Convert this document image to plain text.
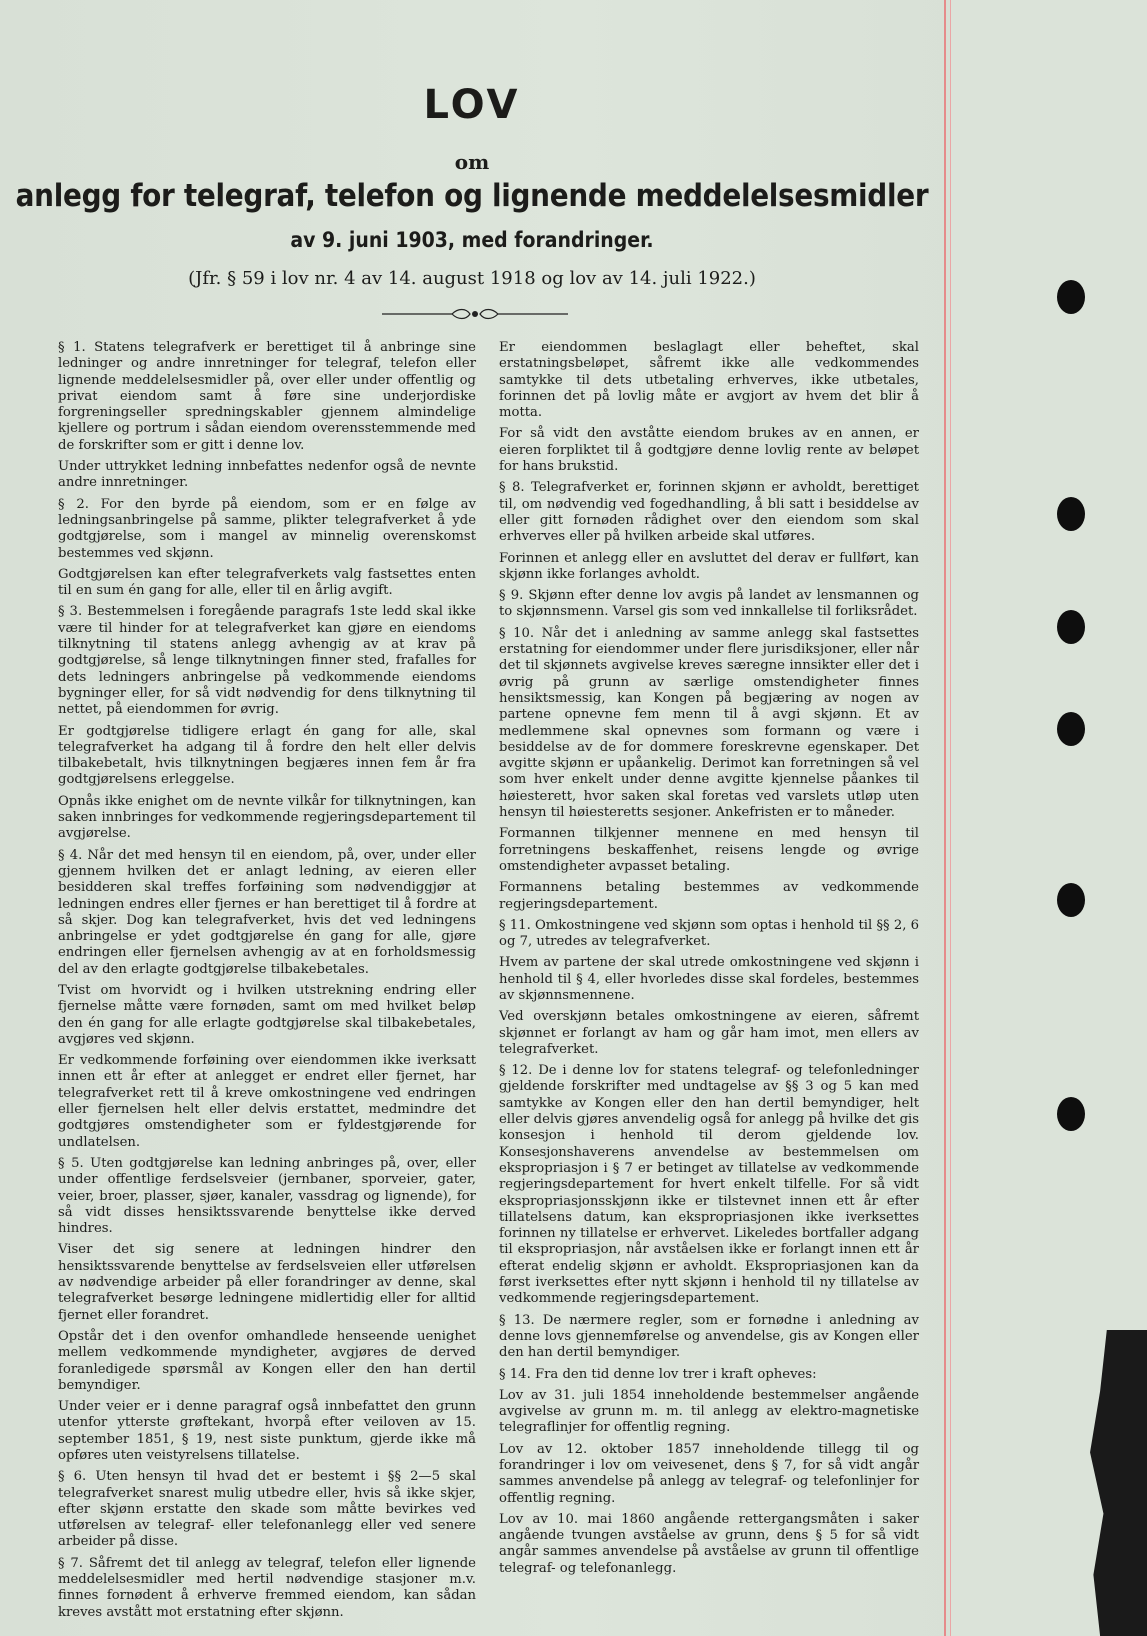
LOV
om
anlegg for telegraf, telefon og lignende meddelelsesmidler
av 9. juni 1903, med forandringer.
(Jfr. § 59 i lov nr. 4 av 14. august 1918 og lov av 14. juli 1922.)

§ 1. Statens telegrafverk er berettiget til å anbringe sine ledninger og andre innretninger for telegraf, telefon eller lignende meddelelsesmidler på, over eller under offentlig og privat eiendom samt å føre sine underjordiske forgreningseller spredningskabler gjennem almindelige kjellere og portrum i sådan eiendom overensstemmende med de forskrifter som er gitt i denne lov.

Under uttrykket ledning innbefattes nedenfor også de nevnte andre innretninger.

§ 2. For den byrde på eiendom, som er en følge av ledningsanbringelse på samme, plikter telegrafverket å yde godtgjørelse, som i mangel av minnelig overenskomst bestemmes ved skjønn.

Godtgjørelsen kan efter telegrafverkets valg fastsettes enten til en sum én gang for alle, eller til en årlig avgift.

§ 3. Bestemmelsen i foregående paragrafs 1ste ledd skal ikke være til hinder for at telegrafverket kan gjøre en eiendoms tilknytning til statens anlegg avhengig av at krav på godtgjørelse, så lenge tilknytningen finner sted, frafalles for dets ledningers anbringelse på vedkommende eiendoms bygninger eller, for så vidt nødvendig for dens tilknytning til nettet, på eiendommen for øvrig.

Er godtgjørelse tidligere erlagt én gang for alle, skal telegrafverket ha adgang til å fordre den helt eller delvis tilbakebetalt, hvis tilknytningen begjæres innen fem år fra godtgjørelsens erleggelse.

Opnås ikke enighet om de nevnte vilkår for tilknytningen, kan saken innbringes for vedkommende regjeringsdepartement til avgjørelse.

§ 4. Når det med hensyn til en eiendom, på, over, under eller gjennem hvilken det er anlagt ledning, av eieren eller besidderen skal treffes forføining som nødvendiggjør at ledningen endres eller fjernes er han berettiget til å fordre at så skjer. Dog kan telegrafverket, hvis det ved ledningens anbringelse er ydet godtgjørelse én gang for alle, gjøre endringen eller fjernelsen avhengig av at en forholdsmessig del av den erlagte godtgjørelse tilbakebetales.

Tvist om hvorvidt og i hvilken utstrekning endring eller fjernelse måtte være fornøden, samt om med hvilket beløp den én gang for alle erlagte godtgjørelse skal tilbakebetales, avgjøres ved skjønn.

Er vedkommende forføining over eiendommen ikke iverksatt innen ett år efter at anlegget er endret eller fjernet, har telegrafverket rett til å kreve omkostningene ved endringen eller fjernelsen helt eller delvis erstattet, medmindre det godtgjøres omstendigheter som er fyldestgjørende for undlatelsen.

§ 5. Uten godtgjørelse kan ledning anbringes på, over, eller under offentlige ferdselsveier (jernbaner, sporveier, gater, veier, broer, plasser, sjøer, kanaler, vassdrag og lignende), for så vidt disses hensiktssvarende benyttelse ikke derved hindres.

Viser det sig senere at ledningen hindrer den hensiktssvarende benyttelse av ferdselsveien eller utførelsen av nødvendige arbeider på eller forandringer av denne, skal telegrafverket besørge ledningene midlertidig eller for alltid fjernet eller forandret.

Opstår det i den ovenfor omhandlede henseende uenighet mellem vedkommende myndigheter, avgjøres de derved foranledigede spørsmål av Kongen eller den han dertil bemyndiger.

Under veier er i denne paragraf også innbefattet den grunn utenfor ytterste grøftekant, hvorpå efter veiloven av 15. september 1851, § 19, nest siste punktum, gjerde ikke må opføres uten veistyrelsens tillatelse.

§ 6. Uten hensyn til hvad det er bestemt i §§ 2—5 skal telegrafverket snarest mulig utbedre eller, hvis så ikke skjer, efter skjønn erstatte den skade som måtte bevirkes ved utførelsen av telegraf- eller telefonanlegg eller ved senere arbeider på disse.

§ 7. Såfremt det til anlegg av telegraf, telefon eller lignende meddelelsesmidler med hertil nødvendige stasjoner m.v. finnes fornødent å erhverve fremmed eiendom, kan sådan kreves avstått mot erstatning efter skjønn.

Er eiendommen beslaglagt eller beheftet, skal erstatningsbeløpet, såfremt ikke alle vedkommendes samtykke til dets utbetaling erhverves, ikke utbetales, forinnen det på lovlig måte er avgjort av hvem det blir å motta.

For så vidt den avståtte eiendom brukes av en annen, er eieren forpliktet til å godtgjøre denne lovlig rente av beløpet for hans brukstid.

§ 8. Telegrafverket er, forinnen skjønn er avholdt, berettiget til, om nødvendig ved fogedhandling, å bli satt i besiddelse av eller gitt fornøden rådighet over den eiendom som skal erhverves eller på hvilken arbeide skal utføres.

Forinnen et anlegg eller en avsluttet del derav er fullført, kan skjønn ikke forlanges avholdt.

§ 9. Skjønn efter denne lov avgis på landet av lensmannen og to skjønnsmenn. Varsel gis som ved innkallelse til forliksrådet.

§ 10. Når det i anledning av samme anlegg skal fastsettes erstatning for eiendommer under flere jurisdiksjoner, eller når det til skjønnets avgivelse kreves særegne innsikter eller det i øvrig på grunn av særlige omstendigheter finnes hensiktsmessig, kan Kongen på begjæring av nogen av partene opnevne fem menn til å avgi skjønn. Et av medlemmene skal opnevnes som formann og være i besiddelse av de for dommere foreskrevne egenskaper. Det avgitte skjønn er upåankelig. Derimot kan forretningen så vel som hver enkelt under denne avgitte kjennelse påankes til høiesterett, hvor saken skal foretas ved varslets utløp uten hensyn til høiesteretts sesjoner. Ankefristen er to måneder.

Formannen tilkjenner mennene en med hensyn til forretningens beskaffenhet, reisens lengde og øvrige omstendigheter avpasset betaling.

Formannens betaling bestemmes av vedkommende regjeringsdepartement.

§ 11. Omkostningene ved skjønn som optas i henhold til §§ 2, 6 og 7, utredes av telegrafverket.

Hvem av partene der skal utrede omkostningene ved skjønn i henhold til § 4, eller hvorledes disse skal fordeles, bestemmes av skjønnsmennene.

Ved overskjønn betales omkostningene av eieren, såfremt skjønnet er forlangt av ham og går ham imot, men ellers av telegrafverket.

§ 12. De i denne lov for statens telegraf- og telefonledninger gjeldende forskrifter med undtagelse av §§ 3 og 5 kan med samtykke av Kongen eller den han dertil bemyndiger, helt eller delvis gjøres anvendelig også for anlegg på hvilke det gis konsesjon i henhold til derom gjeldende lov. Konsesjonshaverens anvendelse av bestemmelsen om ekspropriasjon i § 7 er betinget av tillatelse av vedkommende regjeringsdepartement for hvert enkelt tilfelle. For så vidt ekspropriasjonsskjønn ikke er tilstevnet innen ett år efter tillatelsens datum, kan ekspropriasjonen ikke iverksettes forinnen ny tillatelse er erhvervet. Likeledes bortfaller adgang til ekspropriasjon, når avståelsen ikke er forlangt innen ett år efterat endelig skjønn er avholdt. Ekspropriasjonen kan da først iverksettes efter nytt skjønn i henhold til ny tillatelse av vedkommende regjeringsdepartement.

§ 13. De nærmere regler, som er fornødne i anledning av denne lovs gjennemførelse og anvendelse, gis av Kongen eller den han dertil bemyndiger.

§ 14. Fra den tid denne lov trer i kraft opheves:

Lov av 31. juli 1854 inneholdende bestemmelser angående avgivelse av grunn m. m. til anlegg av elektro-magnetiske telegraflinjer for offentlig regning.

Lov av 12. oktober 1857 inneholdende tillegg til og forandringer i lov om veivesenet, dens § 7, for så vidt angår sammes anvendelse på anlegg av telegraf- og telefonlinjer for offentlig regning.

Lov av 10. mai 1860 angående rettergangsmåten i saker angående tvungen avståelse av grunn, dens § 5 for så vidt angår sammes anvendelse på avståelse av grunn til offentlige telegraf- og telefonanlegg.
